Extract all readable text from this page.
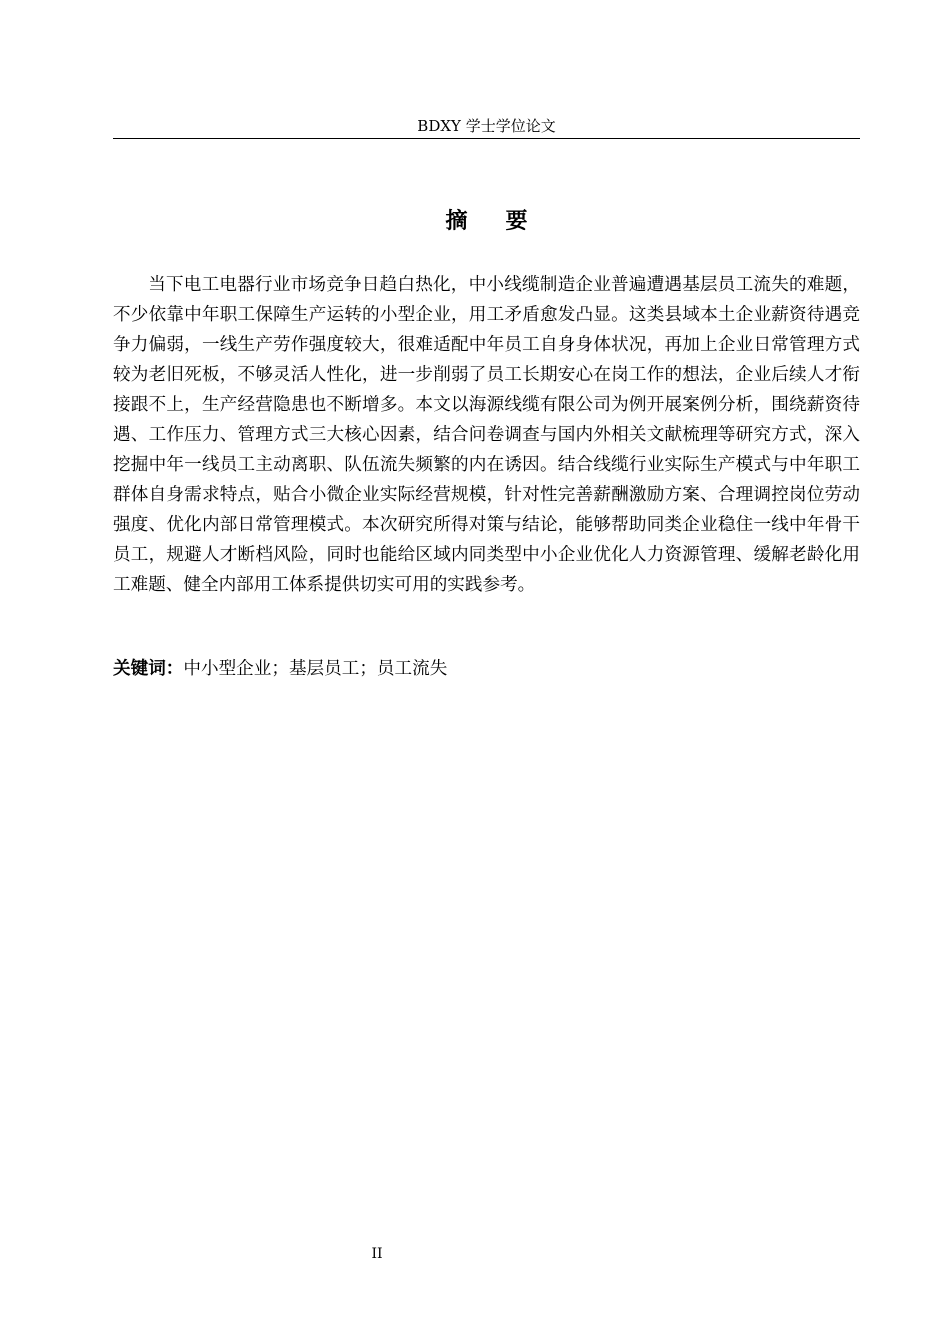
BDXY 学士学位论文
摘要

当下电工电器行业市场竞争日趋白热化，中小线缆制造企业普遍遭遇基层员工流失的难题，不少依靠中年职工保障生产运转的小型企业，用工矛盾愈发凸显。这类县域本土企业薪资待遇竞争力偏弱，一线生产劳作强度较大，很难适配中年员工自身身体状况，再加上企业日常管理方式较为老旧死板，不够灵活人性化，进一步削弱了员工长期安心在岗工作的想法，企业后续人才衔接跟不上，生产经营隐患也不断增多。本文以海源线缆有限公司为例开展案例分析，围绕薪资待遇、工作压力、管理方式三大核心因素，结合问卷调查与国内外相关文献梳理等研究方式，深入挖掘中年一线员工主动离职、队伍流失频繁的内在诱因。结合线缆行业实际生产模式与中年职工群体自身需求特点，贴合小微企业实际经营规模，针对性完善薪酬激励方案、合理调控岗位劳动强度、优化内部日常管理模式。本次研究所得对策与结论，能够帮助同类企业稳住一线中年骨干员工，规避人才断档风险，同时也能给区域内同类型中小企业优化人力资源管理、缓解老龄化用工难题、健全内部用工体系提供切实可用的实践参考。

关键词：中小型企业；基层员工；员工流失

II
